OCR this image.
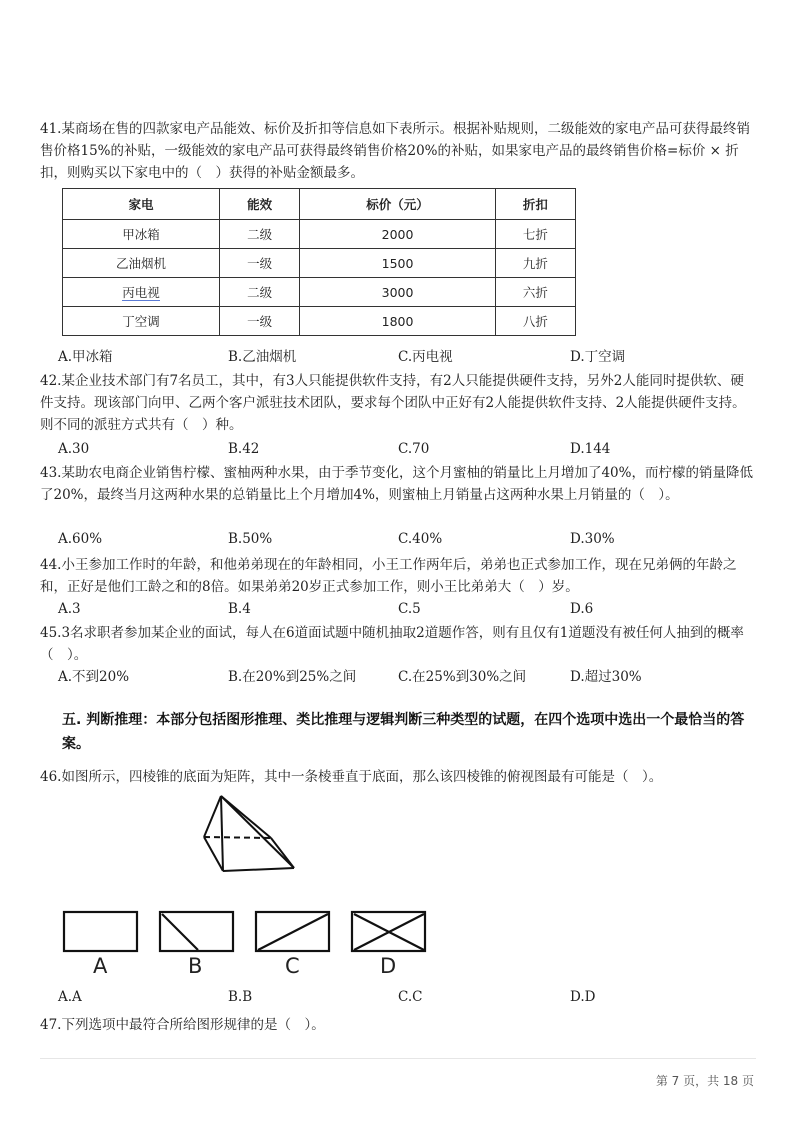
41.某商场在售的四款家电产品能效、标价及折扣等信息如下表所示。根据补贴规则，二级能效的家电产品可获得最终销售价格15%的补贴，一级能效的家电产品可获得最终销售价格20%的补贴，如果家电产品的最终销售价格=标价 × 折扣，则购买以下家电中的（　）获得的补贴金额最多。
家电	能效	标价（元）	折扣
甲冰箱	二级	2000	七折
乙油烟机	一级	1500	九折
丙电视	二级	3000	六折
丁空调	一级	1800	八折
A.甲冰箱	B.乙油烟机	C.丙电视	D.丁空调
42.某企业技术部门有7名员工，其中，有3人只能提供软件支持，有2人只能提供硬件支持，另外2人能同时提供软、硬件支持。现该部门向甲、乙两个客户派驻技术团队，要求每个团队中正好有2人能提供软件支持、2人能提供硬件支持。则不同的派驻方式共有（　）种。
A.30	B.42	C.70	D.144
43.某助农电商企业销售柠檬、蜜柚两种水果，由于季节变化，这个月蜜柚的销量比上月增加了40%，而柠檬的销量降低了20%，最终当月这两种水果的总销量比上个月增加4%，则蜜柚上月销量占这两种水果上月销量的（　）。
A.60%	B.50%	C.40%	D.30%
44.小王参加工作时的年龄，和他弟弟现在的年龄相同，小王工作两年后，弟弟也正式参加工作，现在兄弟俩的年龄之和，正好是他们工龄之和的8倍。如果弟弟20岁正式参加工作，则小王比弟弟大（　）岁。
A.3	B.4	C.5	D.6
45.3名求职者参加某企业的面试，每人在6道面试题中随机抽取2道题作答，则有且仅有1道题没有被任何人抽到的概率（　）。
A.不到20%	B.在20%到25%之间	C.在25%到30%之间	D.超过30%
五. 判断推理：本部分包括图形推理、类比推理与逻辑判断三种类型的试题，在四个选项中选出一个最恰当的答案。
46.如图所示，四棱锥的底面为矩阵，其中一条棱垂直于底面，那么该四棱锥的俯视图最有可能是（　）。
A	B	C	D
A.A	B.B	C.C	D.D
47.下列选项中最符合所给图形规律的是（　）。
第 7 页，共 18 页
